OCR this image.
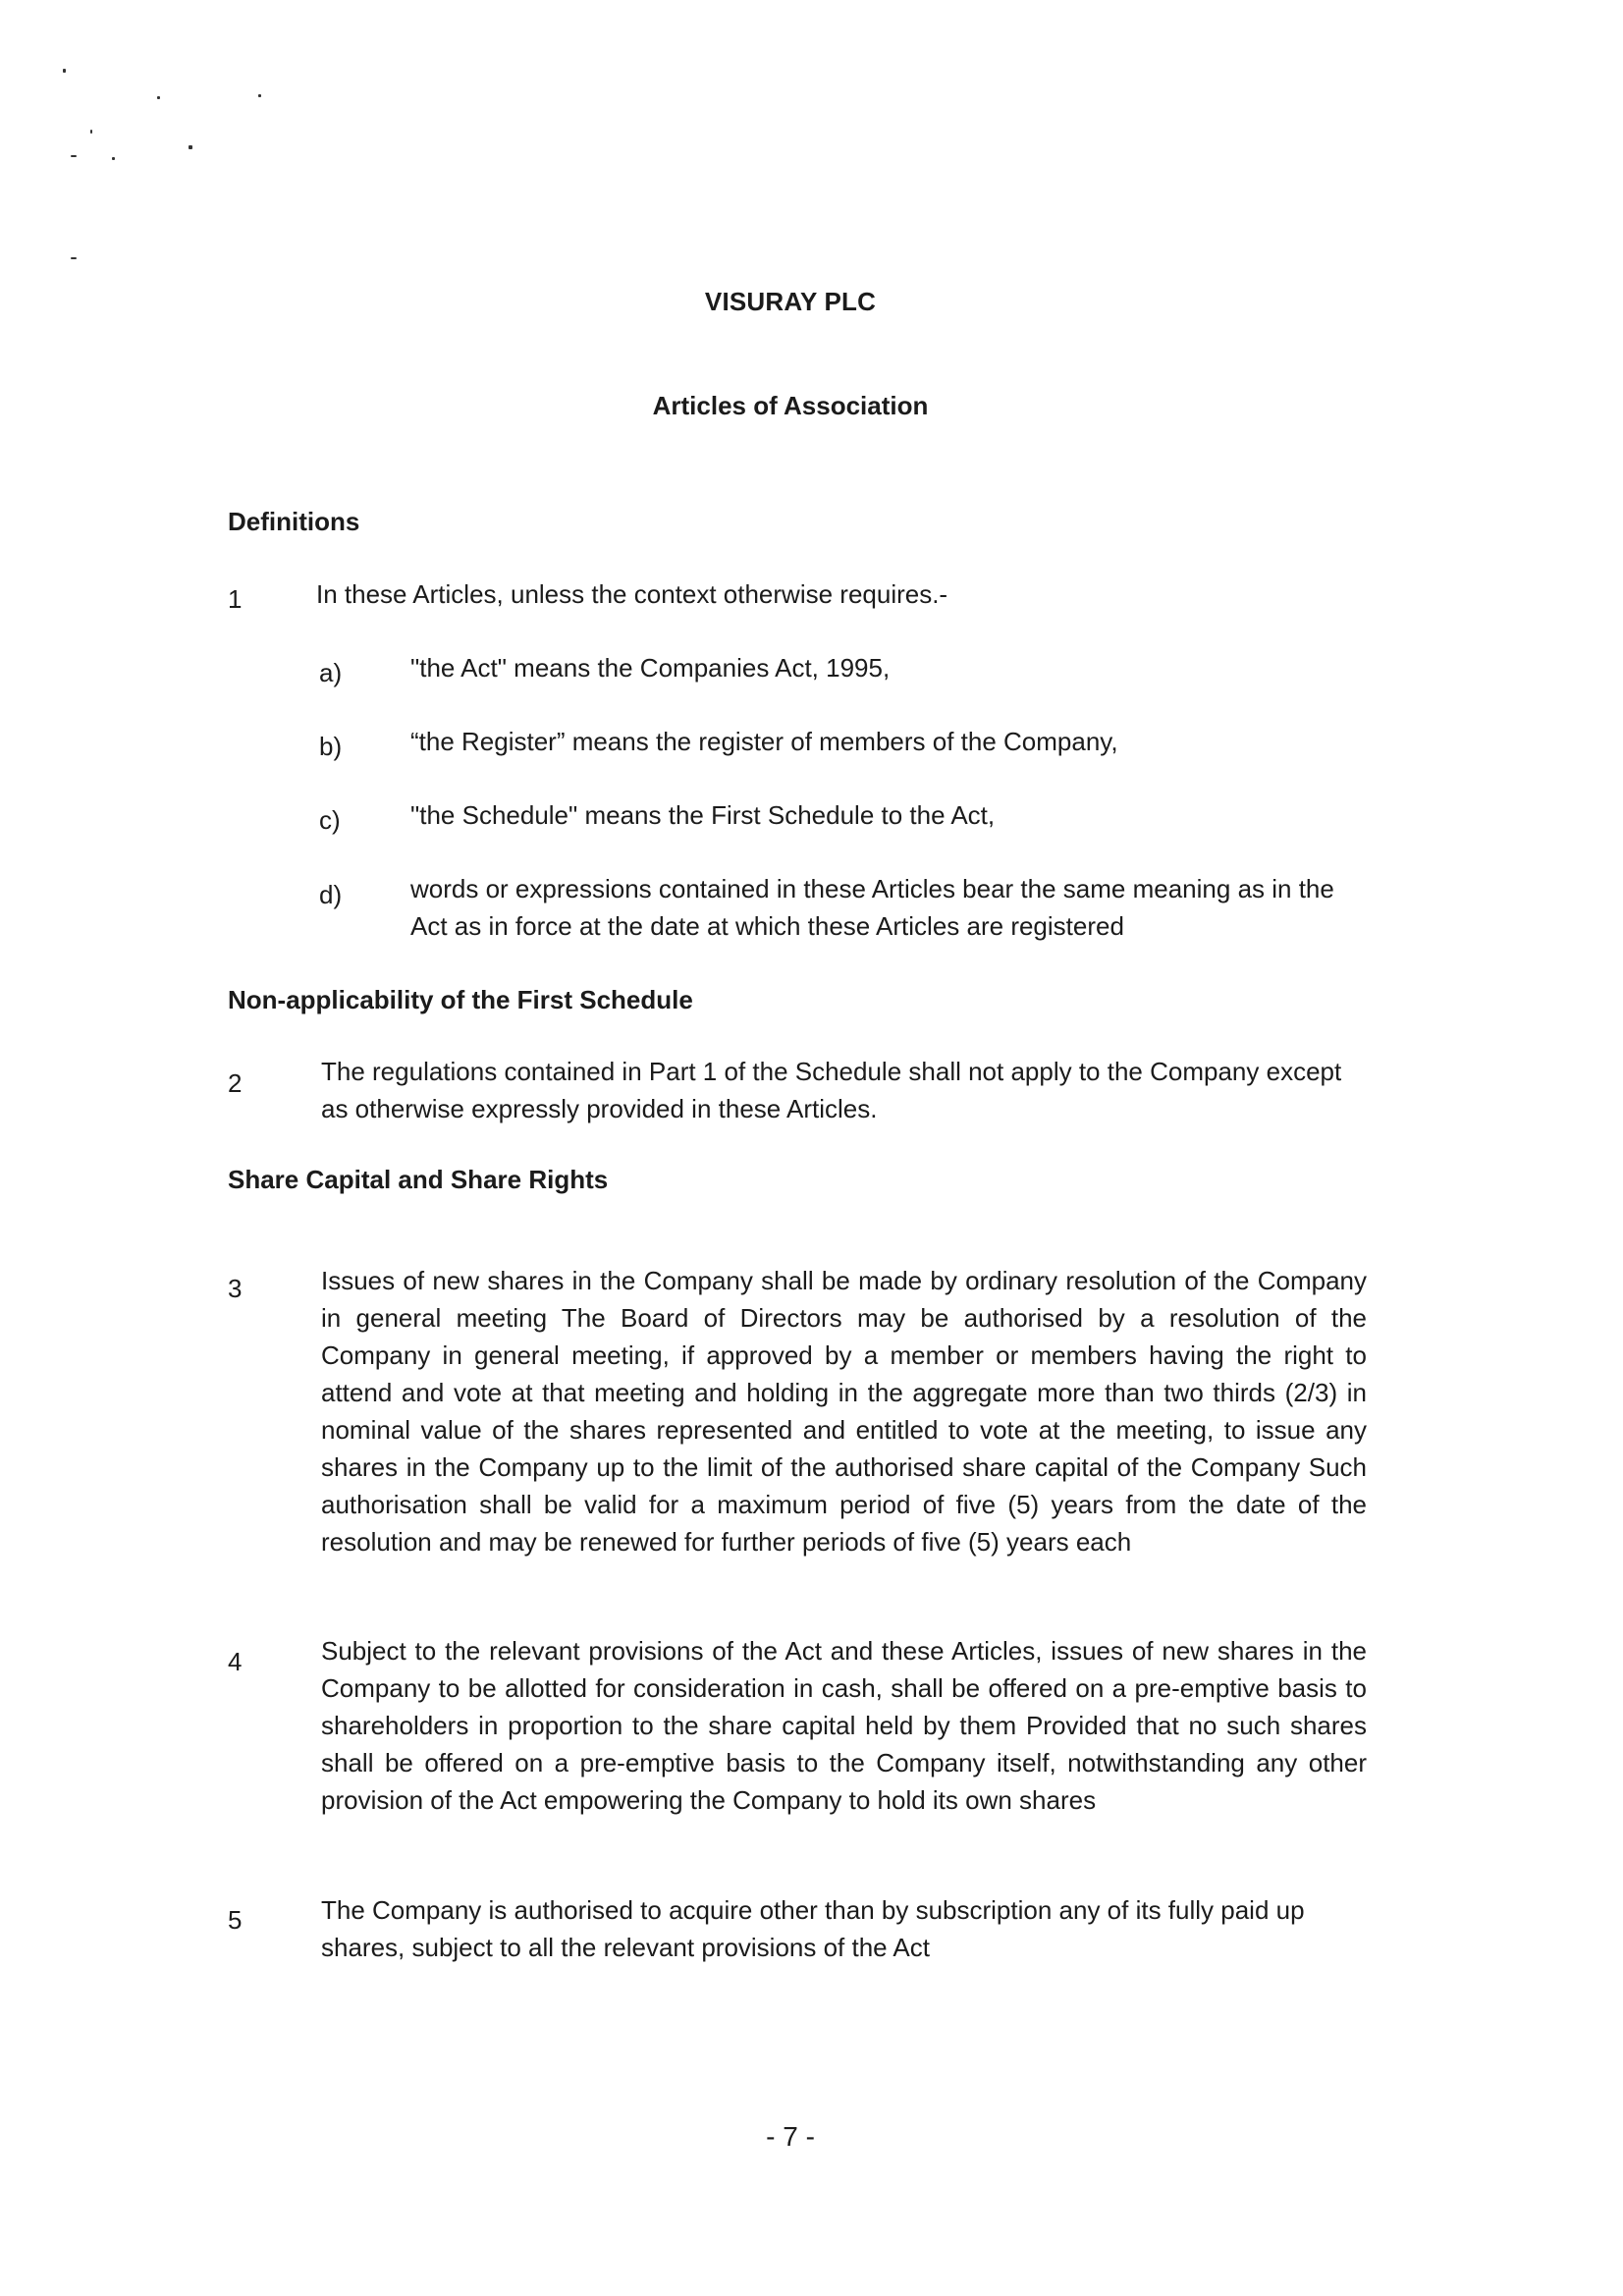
VISURAY PLC
Articles of Association
Definitions
1	In these Articles, unless the context otherwise requires.-
a)	"the Act" means the Companies Act, 1995,
b)	“the Register” means the register of members of the Company,
c)	"the Schedule" means the First Schedule to the Act,
d)	words or expressions contained in these Articles bear the same meaning as in the Act as in force at the date at which these Articles are registered
Non-applicability of the First Schedule
2	The regulations contained in Part 1 of the Schedule shall not apply to the Company except as otherwise expressly provided in these Articles.
Share Capital and Share Rights
3	Issues of new shares in the Company shall be made by ordinary resolution of the Company in general meeting The Board of Directors may be authorised by a resolution of the Company in general meeting, if approved by a member or members having the right to attend and vote at that meeting and holding in the aggregate more than two thirds (2/3) in nominal value of the shares represented and entitled to vote at the meeting, to issue any shares in the Company up to the limit of the authorised share capital of the Company Such authorisation shall be valid for a maximum period of five (5) years from the date of the resolution and may be renewed for further periods of five (5) years each
4	Subject to the relevant provisions of the Act and these Articles, issues of new shares in the Company to be allotted for consideration in cash, shall be offered on a pre-emptive basis to shareholders in proportion to the share capital held by them Provided that no such shares shall be offered on a pre-emptive basis to the Company itself, notwithstanding any other provision of the Act empowering the Company to hold its own shares
5	The Company is authorised to acquire other than by subscription any of its fully paid up shares, subject to all the relevant provisions of the Act
- 7 -
